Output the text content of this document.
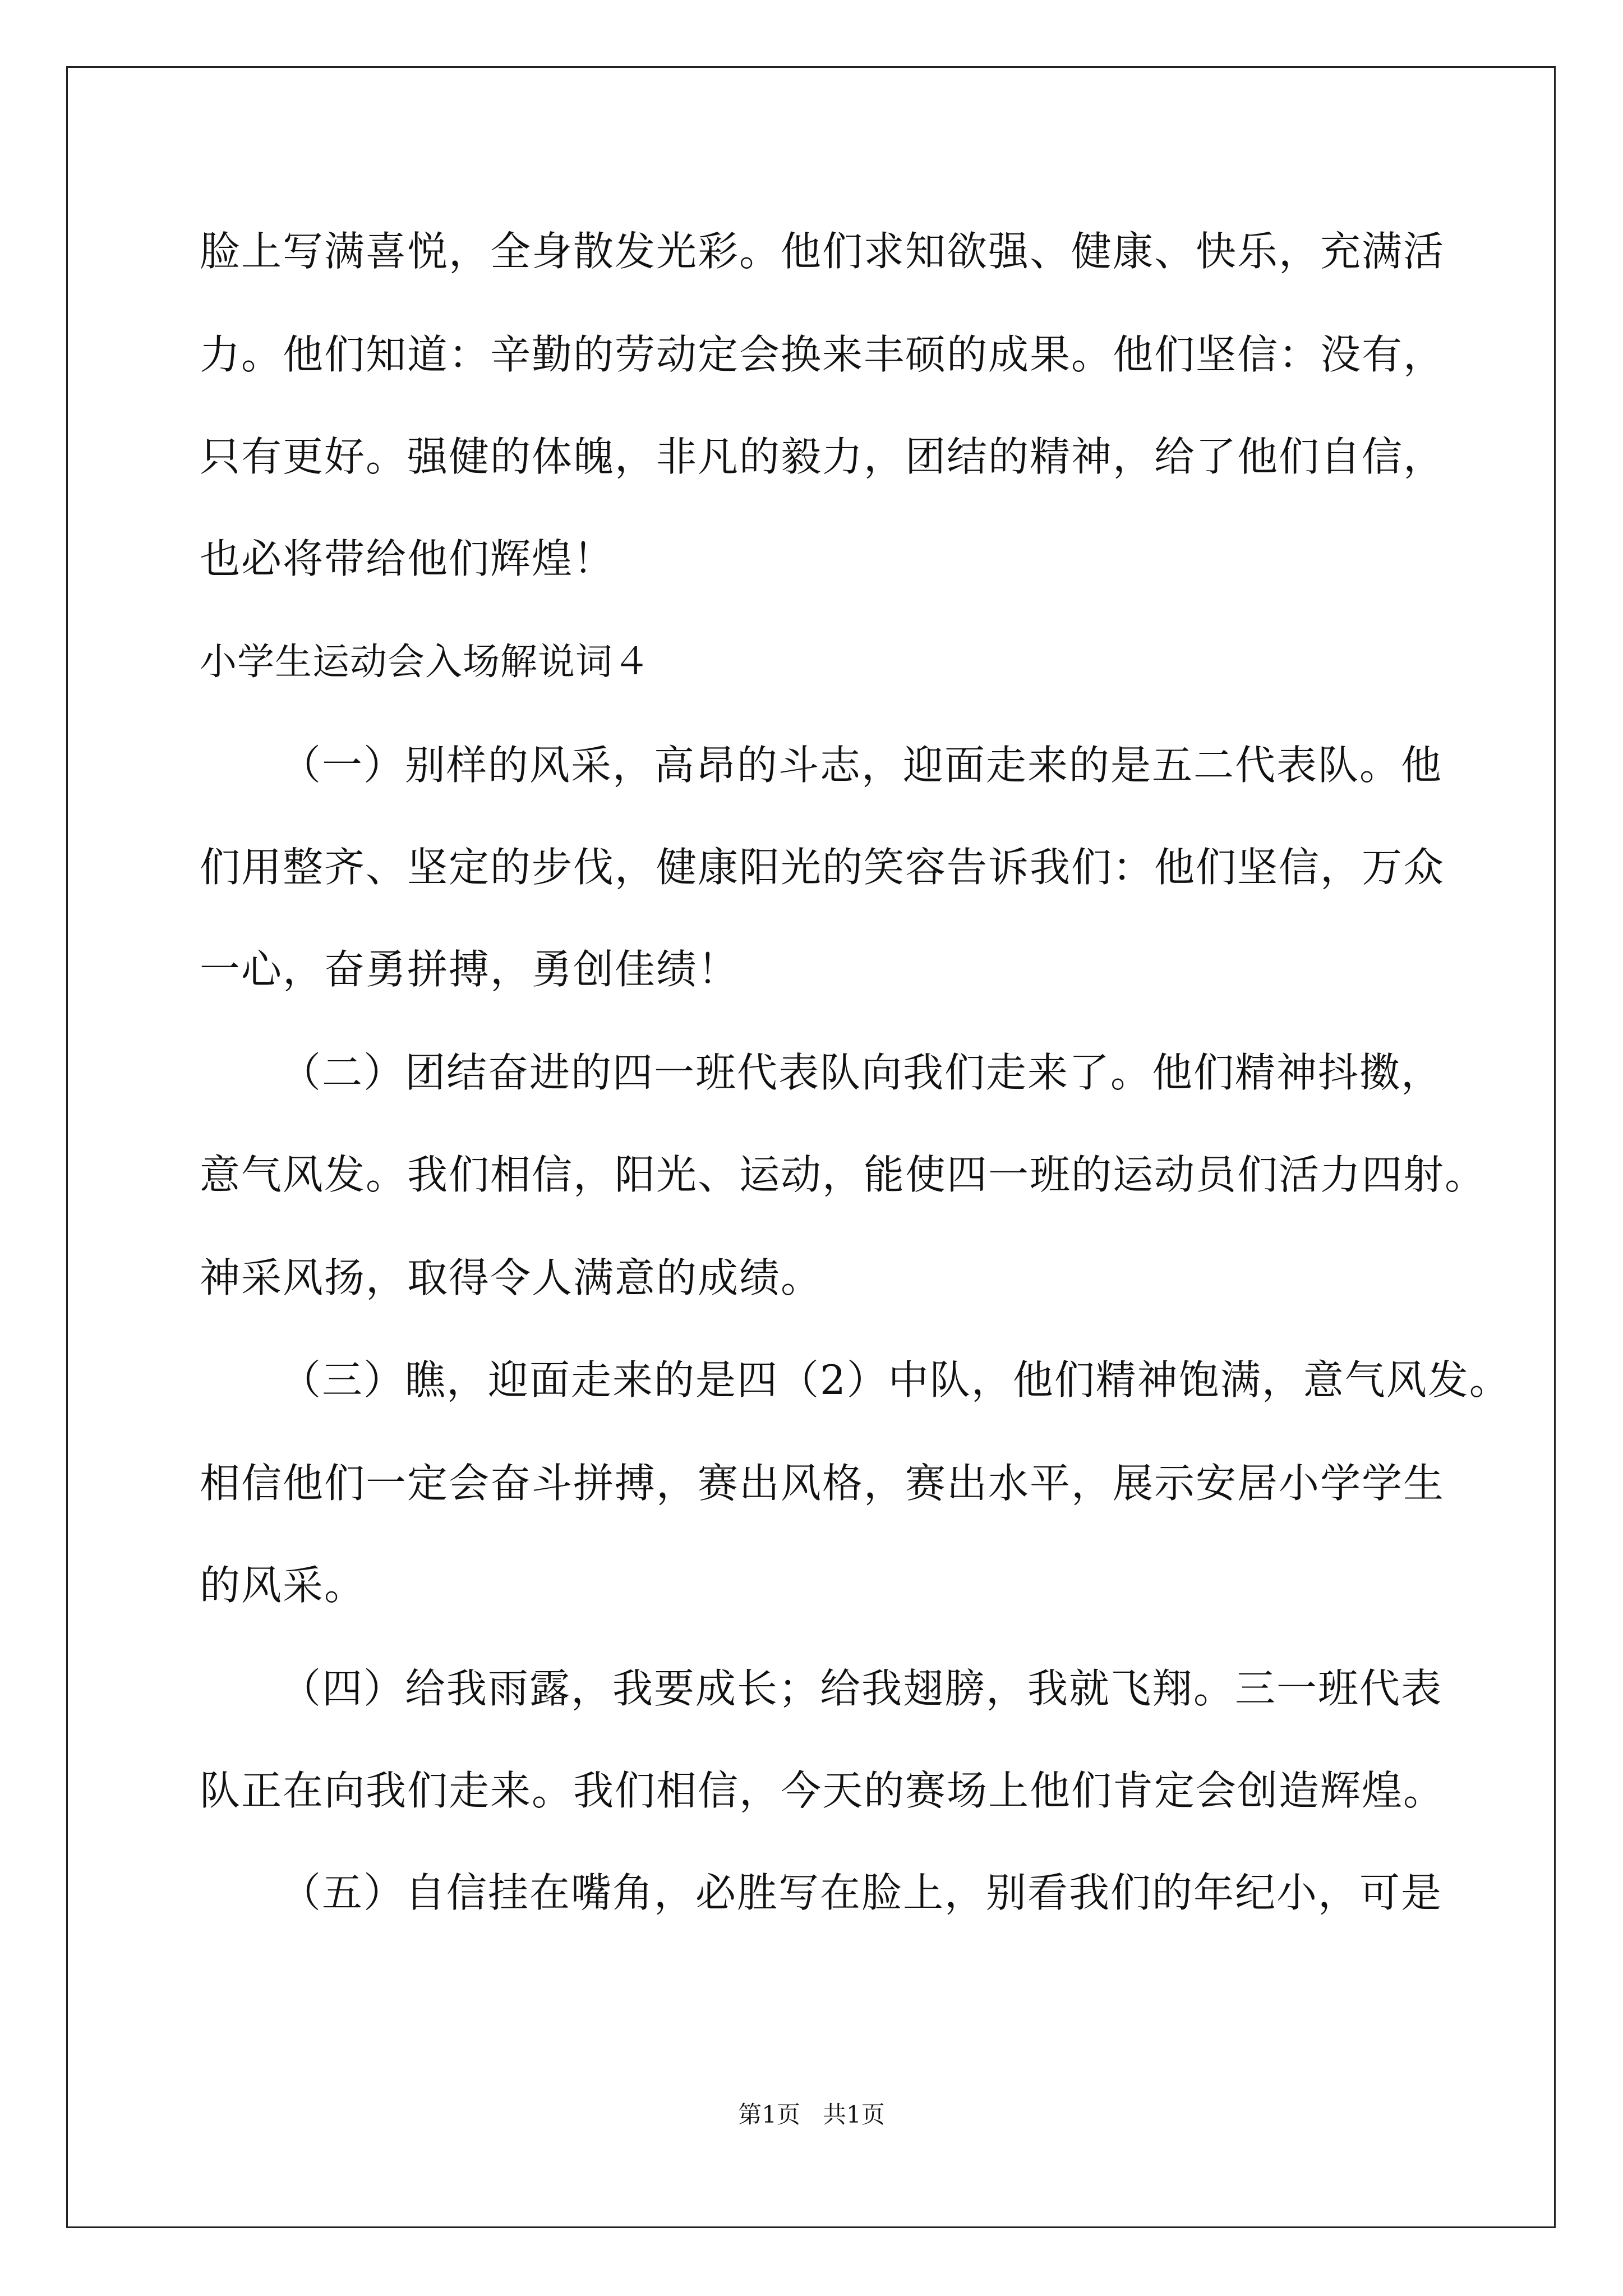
脸上写满喜悦，全身散发光彩。他们求知欲强、健康、快乐，充满活
力。他们知道：辛勤的劳动定会换来丰硕的成果。他们坚信：没有，
只有更好。强健的体魄，非凡的毅力，团结的精神，给了他们自信，
也必将带给他们辉煌！
小学生运动会入场解说词４
（一）别样的风采，高昂的斗志，迎面走来的是五二代表队。他
们用整齐、坚定的步伐，健康阳光的笑容告诉我们：他们坚信，万众
一心，奋勇拼搏，勇创佳绩！
（二）团结奋进的四一班代表队向我们走来了。他们精神抖擞，
意气风发。我们相信，阳光、运动，能使四一班的运动员们活力四射。
神采风扬，取得令人满意的成绩。
（三）瞧，迎面走来的是四（2）中队，他们精神饱满，意气风发。
相信他们一定会奋斗拼搏，赛出风格，赛出水平，展示安居小学学生
的风采。
（四）给我雨露，我要成长；给我翅膀，我就飞翔。三一班代表
队正在向我们走来。我们相信，今天的赛场上他们肯定会创造辉煌。
（五）自信挂在嘴角，必胜写在脸上，别看我们的年纪小，可是
第1页   共1页
